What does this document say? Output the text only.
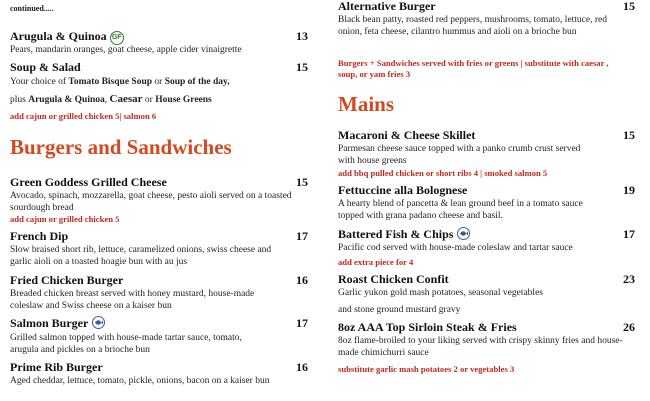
continued.....
Arugula & Quinoa GF	13
Pears, mandarin oranges, goat cheese, apple cider vinaigrette
Soup & Salad	15
Your choice of Tomato Bisque Soup or Soup of the day,
plus Arugula & Quinoa, Caesar or House Greens
add cajun or grilled chicken 5| salmon 6
Burgers and Sandwiches
Green Goddess Grilled Cheese	15
Avocado, spinach, mozzarella, goat cheese, pesto aioli served on a toasted sourdough bread
add cajun or grilled chicken 5
French Dip	17
Slow braised short rib, lettuce, caramelized onions, swiss cheese and garlic aioli on a toasted hoagie bun with au jus
Fried Chicken Burger	16
Breaded chicken breast served with honey mustard, house-made coleslaw and Swiss cheese on a kaiser bun
Salmon Burger	17
Grilled salmon topped with house-made tartar sauce, tomato, arugula and pickles on a brioche bun
Prime Rib Burger	16
Aged cheddar, lettuce, tomato, pickle, onions, bacon on a kaiser bun
Alternative Burger	15
Black bean patty, roasted red peppers, mushrooms, tomato, lettuce, red onion, feta cheese, cilantro hummus and aioli on a brioche bun
Burgers + Sandwiches served with fries or greens | substitute with caesar , soup, or yam fries 3
Mains
Macaroni & Cheese Skillet	15
Parmesan cheese sauce topped with a panko crumb crust served with house greens
add bbq pulled chicken or short ribs 4 | smoked salmon 5
Fettuccine alla Bolognese	19
A hearty blend of pancetta & lean ground beef in a tomato sauce topped with grana padano cheese and basil.
Battered Fish & Chips	17
Pacific cod served with house-made coleslaw and tartar sauce
add extra piece for 4
Roast Chicken Confit	23
Garlic yukon gold mash potatoes, seasonal vegetables
and stone ground mustard gravy
8oz AAA Top Sirloin Steak & Fries	26
8oz flame-broiled to your liking served with crispy skinny fries and house-made chimichurri sauce
substitute garlic mash potatoes 2 or vegetables 3
